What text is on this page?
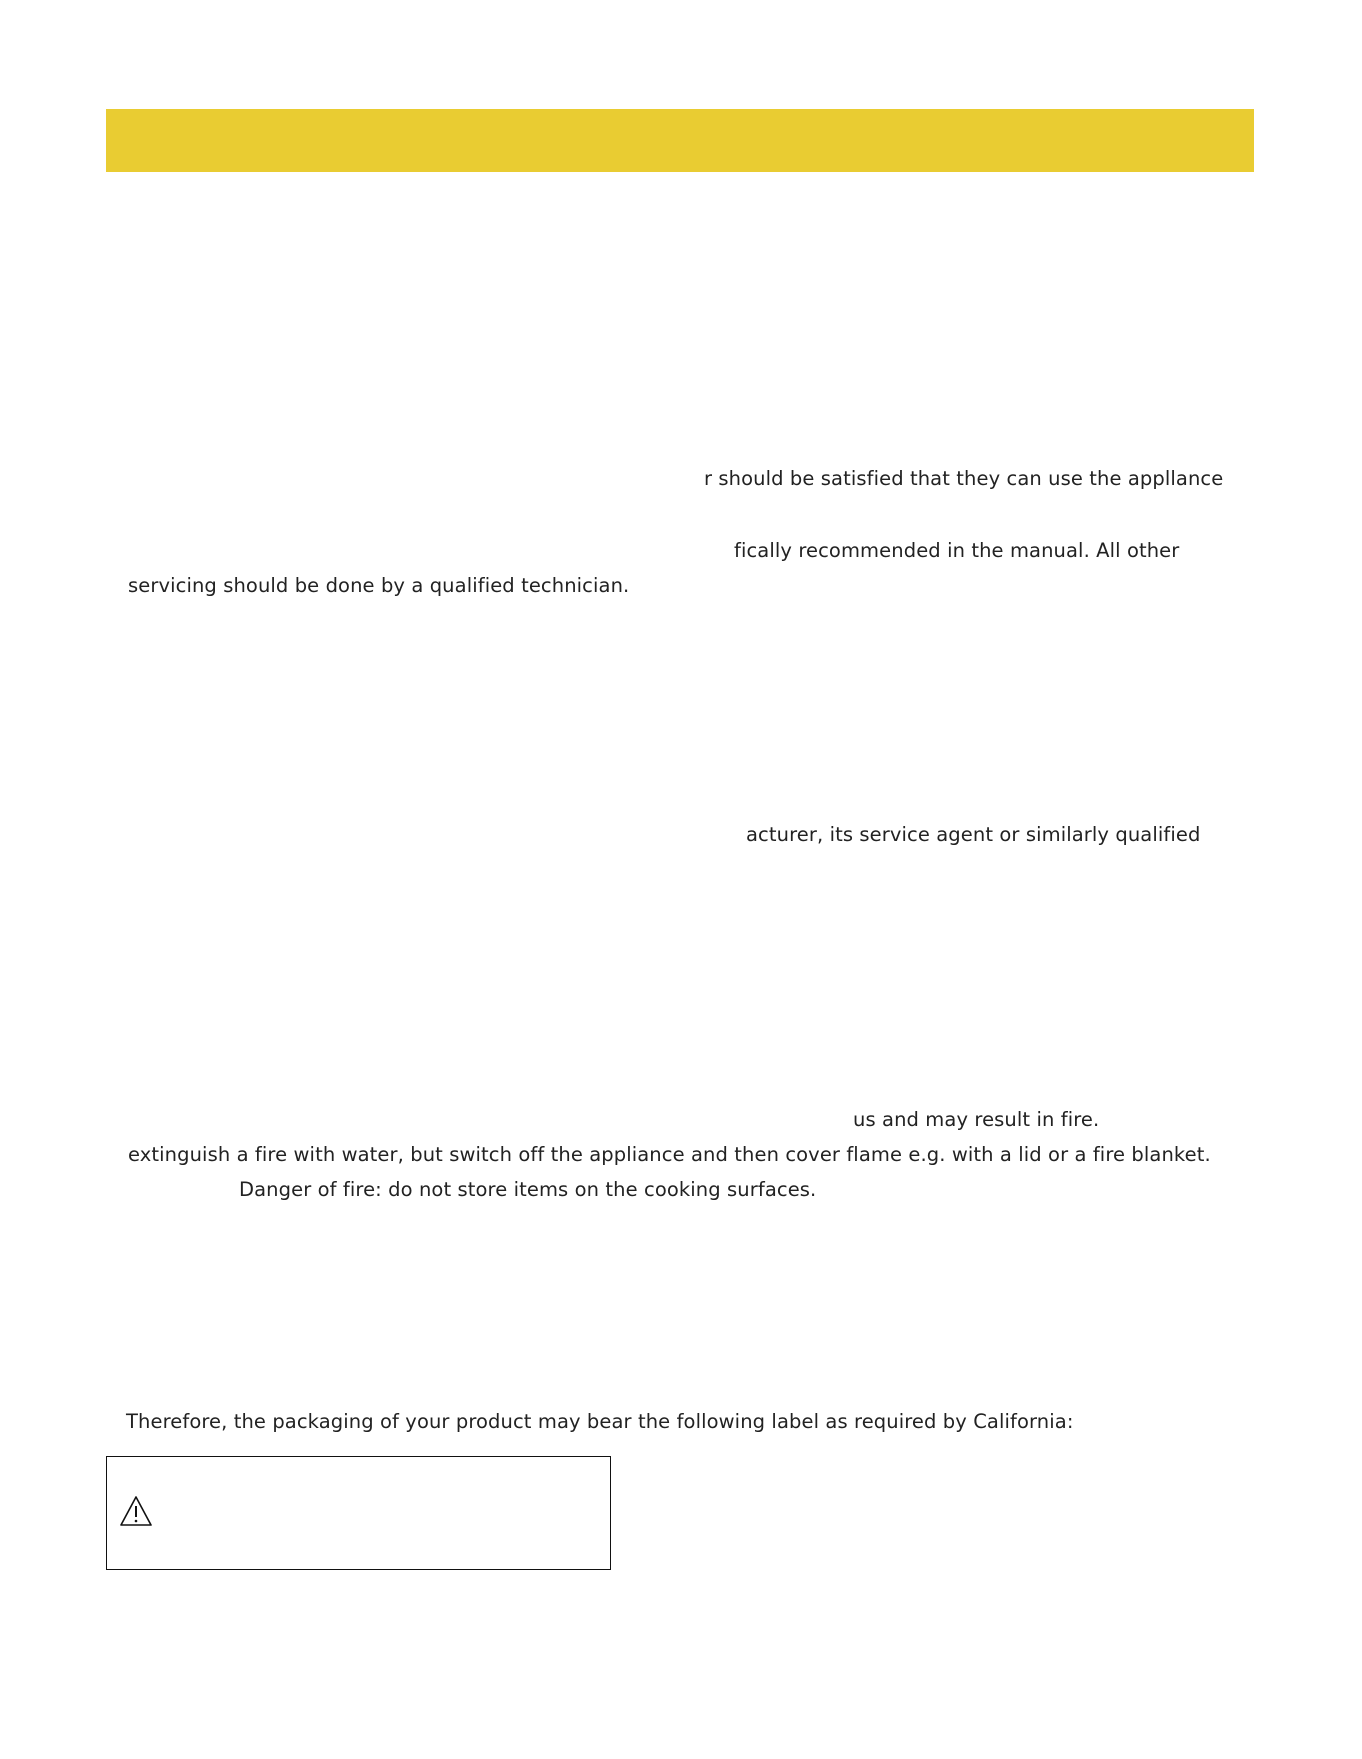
r should be satisfied that they can use the appllance
fically recommended in the manual. All other
servicing should be done by a qualified technician.
acturer, its service agent or similarly qualified
us and may result in fire.
extinguish a fire with water, but switch off the appliance and then cover flame e.g. with a lid or a fire blanket.
Danger of fire: do not store items on the cooking surfaces.
Therefore, the packaging of your product may bear the following label as required by California:
